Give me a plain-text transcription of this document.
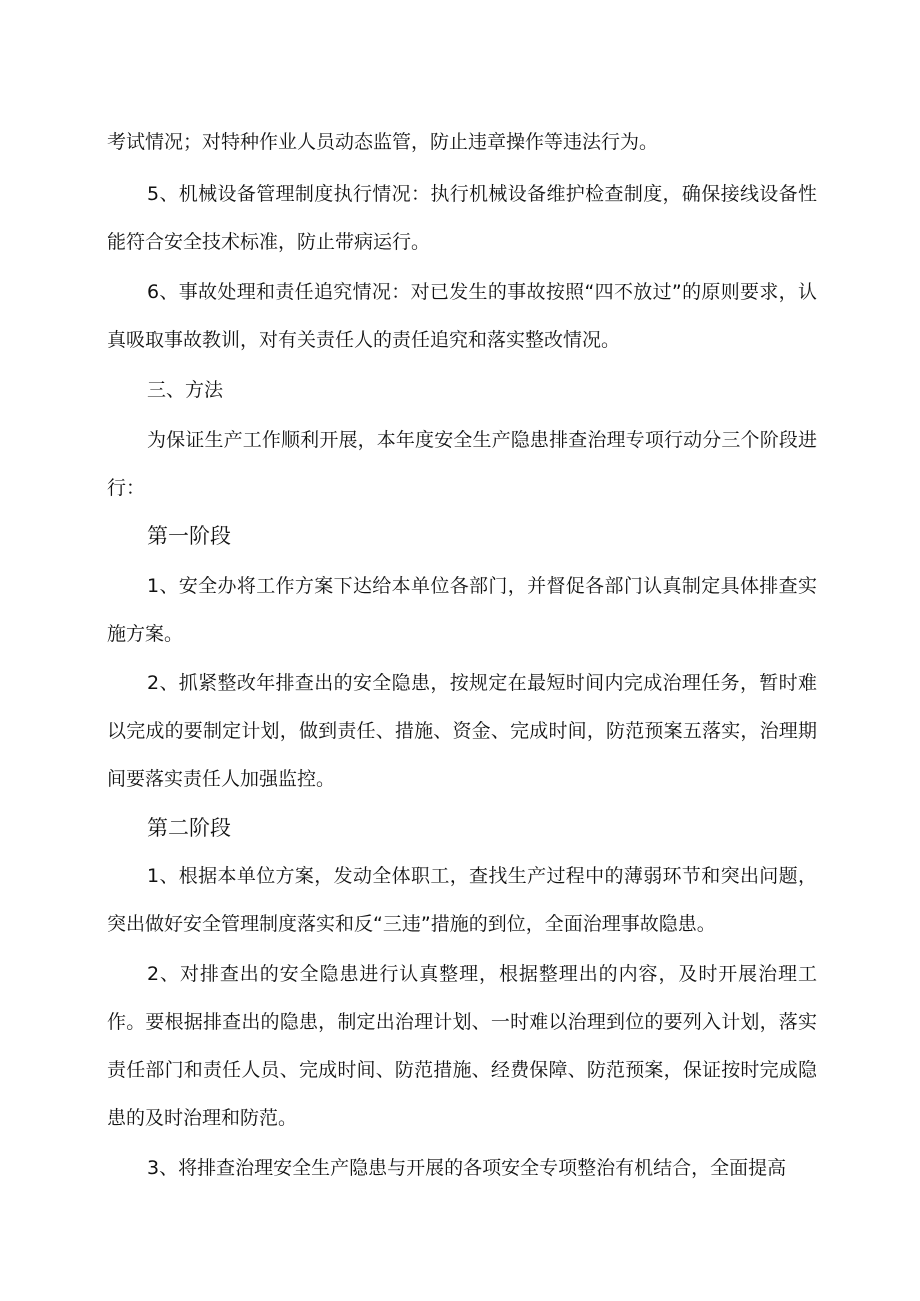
考试情况；对特种作业人员动态监管，防止违章操作等违法行为。

5、机械设备管理制度执行情况：执行机械设备维护检查制度，确保接线设备性能符合安全技术标准，防止带病运行。

6、事故处理和责任追究情况：对已发生的事故按照“四不放过”的原则要求，认真吸取事故教训，对有关责任人的责任追究和落实整改情况。

三、方法

为保证生产工作顺利开展，本年度安全生产隐患排查治理专项行动分三个阶段进行：

第一阶段

1、安全办将工作方案下达给本单位各部门，并督促各部门认真制定具体排查实施方案。

2、抓紧整改年排查出的安全隐患，按规定在最短时间内完成治理任务，暂时难以完成的要制定计划，做到责任、措施、资金、完成时间，防范预案五落实，治理期间要落实责任人加强监控。

第二阶段

1、根据本单位方案，发动全体职工，查找生产过程中的薄弱环节和突出问题，突出做好安全管理制度落实和反“三违”措施的到位，全面治理事故隐患。

2、对排查出的安全隐患进行认真整理，根据整理出的内容，及时开展治理工作。要根据排查出的隐患，制定出治理计划、一时难以治理到位的要列入计划，落实责任部门和责任人员、完成时间、防范措施、经费保障、防范预案，保证按时完成隐患的及时治理和防范。

3、将排查治理安全生产隐患与开展的各项安全专项整治有机结合，全面提高
